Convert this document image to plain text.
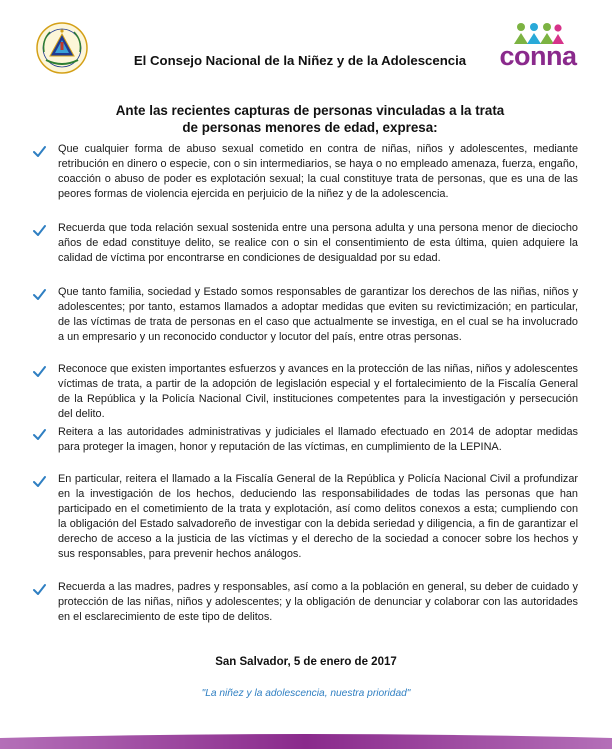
El Consejo Nacional de la Niñez y de la Adolescencia	conna
Ante las recientes capturas de personas vinculadas a la trata
de personas menores de edad, expresa:
Que cualquier forma de abuso sexual cometido en contra de niñas, niños y adolescentes, mediante retribución en dinero o especie, con o sin intermediarios, se haya o no empleado amenaza, fuerza, engaño, coacción o abuso de poder es explotación sexual; la cual constituye trata de personas, que es una de las peores formas de violencia ejercida en perjuicio de la niñez y de la adolescencia.
Recuerda que toda relación sexual sostenida entre una persona adulta y una persona menor de dieciocho años de edad constituye delito, se realice con o sin el consentimiento de esta última, quien adquiere la calidad de víctima por encontrarse en condiciones de desigualdad por su edad.
Que tanto familia, sociedad y Estado somos responsables de garantizar los derechos de las niñas, niños y adolescentes; por tanto, estamos llamados a adoptar medidas que eviten su revictimización; en particular, de las víctimas de trata de personas en el caso que actualmente se investiga, en el cual se ha involucrado a un empresario y un reconocido conductor y locutor del país, entre otras personas.
Reconoce que existen importantes esfuerzos y avances en la protección de las niñas, niños y adolescentes víctimas de trata, a partir de la adopción de legislación especial y el fortalecimiento de la Fiscalía General de la República y la Policía Nacional Civil, instituciones competentes para la investigación y persecución del delito.
Reitera a las autoridades administrativas y judiciales el llamado efectuado en 2014 de adoptar medidas para proteger la imagen, honor y reputación de las víctimas, en cumplimiento de la LEPINA.
En particular, reitera el llamado a la Fiscalía General de la República y Policía Nacional Civil a profundizar en la investigación de los hechos, deduciendo las responsabilidades de todas las personas que han participado en el cometimiento de la trata y explotación, así como delitos conexos a esta; cumpliendo con la obligación del Estado salvadoreño de investigar con la debida seriedad y diligencia, a fin de garantizar el derecho de acceso a la justicia de las víctimas y el derecho de la sociedad a conocer sobre los hechos y sus responsables, para prevenir hechos análogos.
Recuerda a las madres, padres y responsables, así como a la población en general, su deber de cuidado y protección de las niñas, niños y adolescentes; y la obligación de denunciar y colaborar con las autoridades en el esclarecimiento de este tipo de delitos.
San Salvador, 5 de enero de 2017
"La niñez y la adolescencia, nuestra prioridad"
